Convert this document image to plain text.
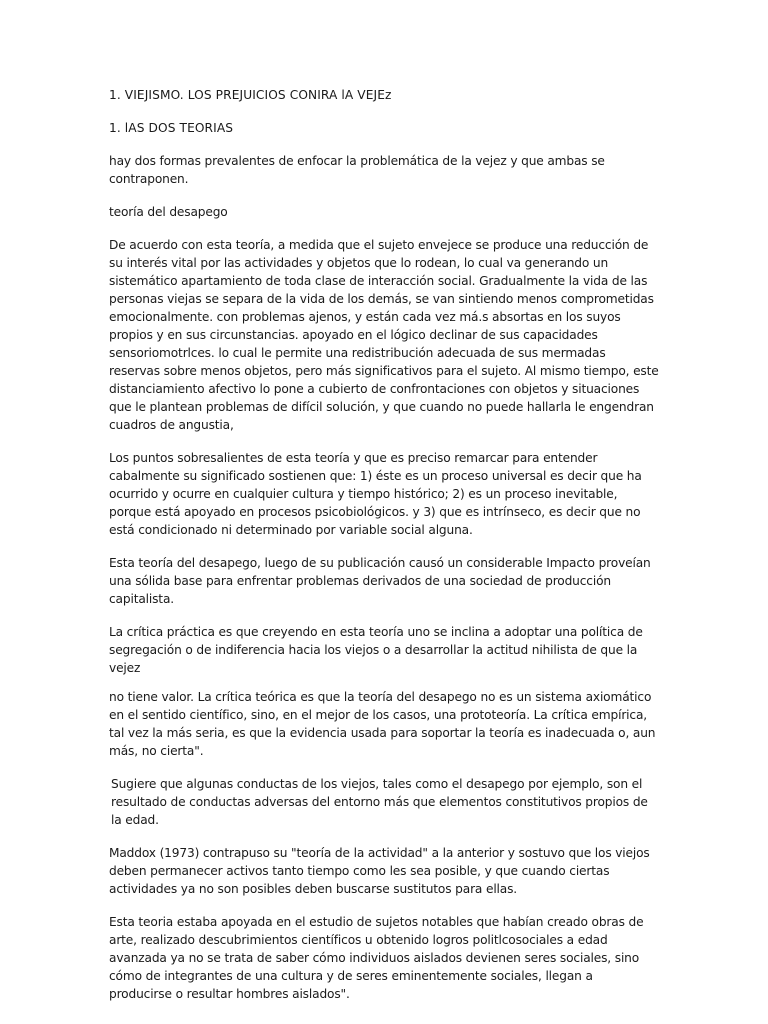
1. VIEJISMO. LOS PREJUICIOS CONIRA lA VEJEz

1. lAS DOS TEORIAS

hay dos formas prevalentes de enfocar la problemática de la vejez y que ambas se contraponen.

teoría del desapego

De acuerdo con esta teoría, a medida que el sujeto envejece se produce una reducción de su interés vital por las actividades y objetos que lo rodean, lo cual va generando un sistemático apartamiento de toda clase de interacción social. Gradualmente la vida de las personas viejas se separa de la vida de los demás, se van sintiendo menos comprometidas emocionalmente. con problemas ajenos, y están cada vez má.s absortas en los suyos propios y en sus circunstancias. apoyado en el lógico declinar de sus capacidades sensoriomotrlces. lo cual le permite una redistribución adecuada de sus mermadas reservas sobre menos objetos, pero más significativos para el sujeto. Al mismo tiempo, este distanciamiento afectivo lo pone a cubierto de confrontaciones con objetos y situaciones que le plantean problemas de difícil solución, y que cuando no puede hallarla le engendran cuadros de angustia,

Los puntos sobresalientes de esta teoría y que es preciso remarcar para entender cabalmente su significado sostienen que: 1) éste es un proceso universal es decir que ha ocurrido y ocurre en cualquier cultura y tiempo histórico; 2) es un proceso inevitable, porque está apoyado en procesos psicobiológicos. y 3) que es intrínseco, es decir que no está condicionado ni determinado por variable social alguna.

Esta teoría del desapego, luego de su publicación causó un considerable Impacto proveían una sólida base para enfrentar problemas derivados de una sociedad de producción capitalista.

La crítica práctica es que creyendo en esta teoría uno se inclina a adoptar una política de segregación o de indiferencia hacia los viejos o a desarrollar la actitud nihilista de que la vejez

no tiene valor. La crítica teórica es que la teoría del desapego no es un sistema axiomático en el sentido científico, sino, en el mejor de los casos, una prototeoría. La crítica empírica, tal vez la más seria, es que la evidencia usada para soportar la teoría es inadecuada o, aun más, no cierta".

Sugiere que algunas conductas de los viejos, tales como el desapego por ejemplo, son el resultado de conductas adversas del entorno más que elementos constitutivos propios de la edad.

Maddox (1973) contrapuso su "teoría de la actividad" a la anterior y sostuvo que los viejos deben permanecer activos tanto tiempo como les sea posible, y que cuando ciertas actividades ya no son posibles deben buscarse sustitutos para ellas.

Esta teoria estaba apoyada en el estudio de sujetos notables que habían creado obras de arte, realizado descubrimientos científicos u obtenido logros politlcosociales a edad avanzada ya no se trata de saber cómo individuos aislados devienen seres sociales, sino cómo de integrantes de una cultura y de seres eminentemente sociales, llegan a producirse o resultar hombres aislados".
